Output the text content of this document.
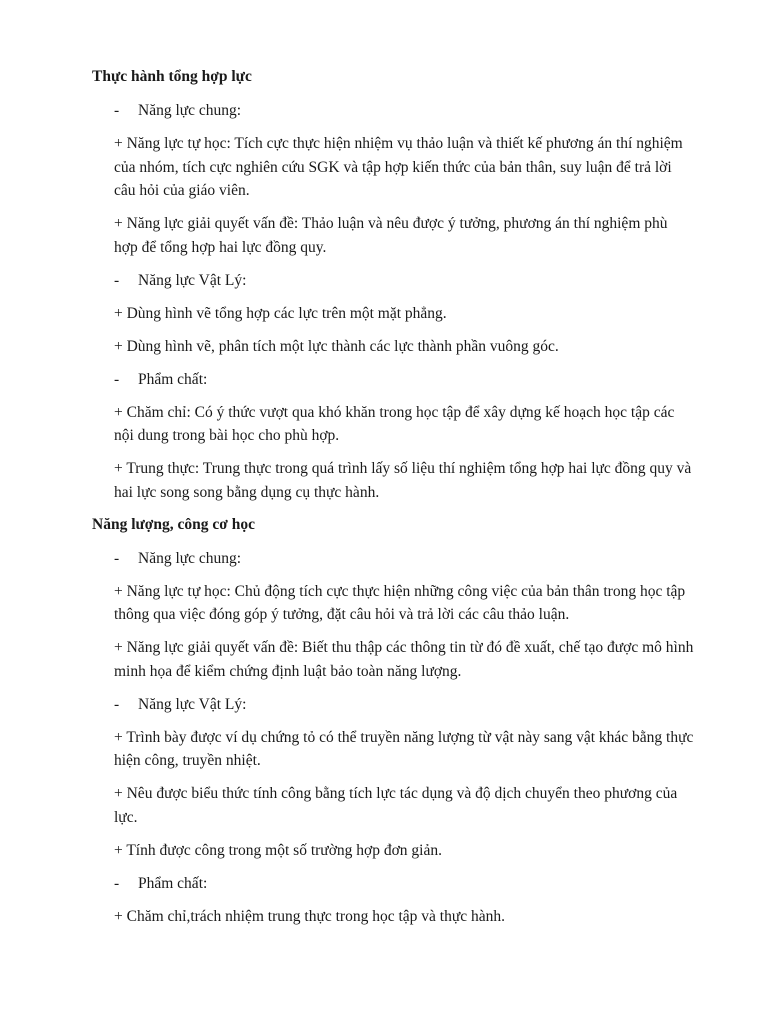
Thực hành tổng hợp lực
-	Năng lực chung:

+ Năng lực tự học: Tích cực thực hiện nhiệm vụ thảo luận và thiết kế phương án thí nghiệm của nhóm, tích cực nghiên cứu SGK và tập hợp kiến thức của bản thân, suy luận để trả lời câu hỏi của giáo viên.

+ Năng lực giải quyết vấn đề: Thảo luận và nêu được ý tưởng, phương án thí nghiệm phù hợp để tổng hợp hai lực đồng quy.

-	Năng lực Vật Lý:

+ Dùng hình vẽ tổng hợp các lực trên một mặt phẳng.

+ Dùng hình vẽ, phân tích một lực thành các lực thành phần vuông góc.

-	Phẩm chất:

+ Chăm chỉ: Có ý thức vượt qua khó khăn trong học tập để xây dựng kế hoạch học tập các nội dung trong bài học cho phù hợp.

+ Trung thực: Trung thực trong quá trình lấy số liệu thí nghiệm tổng hợp hai lực đồng quy và hai lực song song bằng dụng cụ thực hành.

Năng lượng, công cơ học
-	Năng lực chung:

+ Năng lực tự học: Chủ động tích cực thực hiện những công việc của bản thân trong học tập thông qua việc đóng góp ý tưởng, đặt câu hỏi và trả lời các câu thảo luận.

+ Năng lực giải quyết vấn đề: Biết thu thập các thông tin từ đó đề xuất, chế tạo được mô hình minh họa để kiểm chứng định luật bảo toàn năng lượng.

-	Năng lực Vật Lý:

+ Trình bày được ví dụ chứng tỏ có thể truyền năng lượng từ vật này sang vật khác bằng thực hiện công, truyền nhiệt.

+ Nêu được biểu thức tính công bằng tích lực tác dụng và độ dịch chuyển theo phương của lực.

+ Tính được công trong một số trường hợp đơn giản.

-	Phẩm chất:

+ Chăm chỉ,trách nhiệm trung thực trong học tập và thực hành.
